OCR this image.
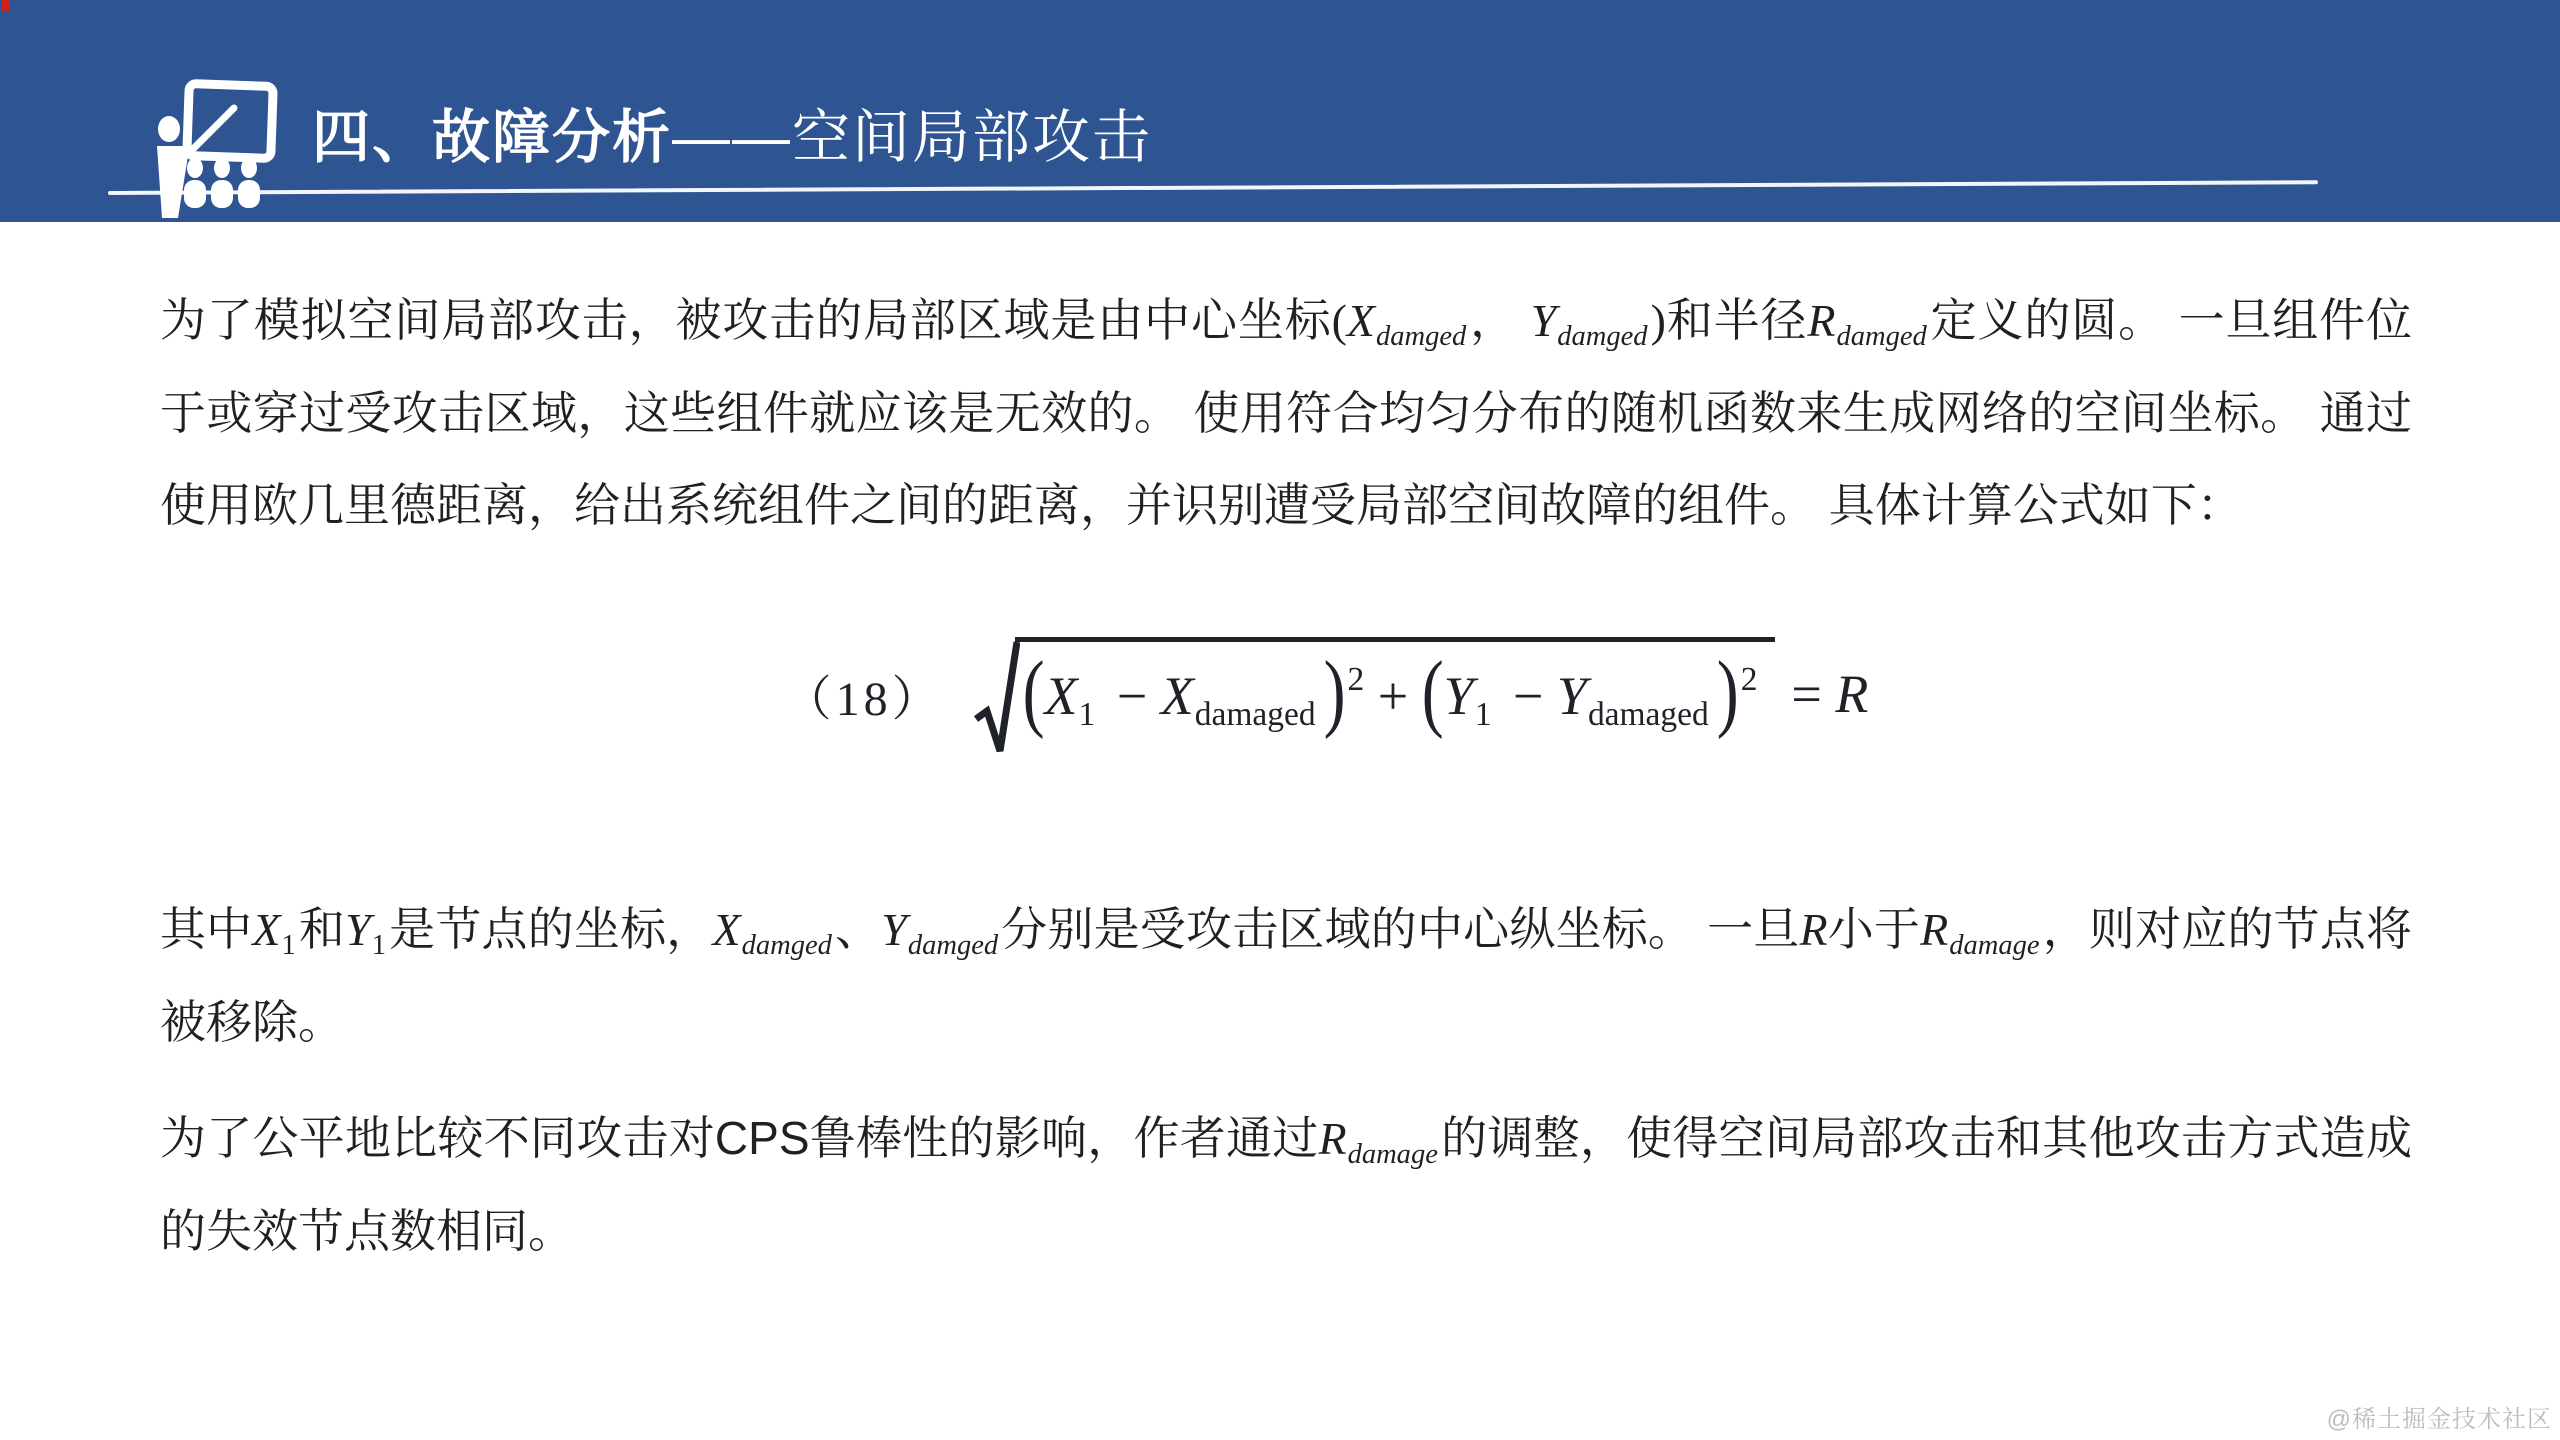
四、故障分析——空间局部攻击

为了模拟空间局部攻击，被攻击的局部区域是由中心坐标($X_{damged}$， $Y_{damged}$)和半径$R_{damged}$定义的圆。 一旦组件位于或穿过受攻击区域，这些组件就应该是无效的。 使用符合均匀分布的随机函数来生成网络的空间坐标。 通过使用欧几里德距离，给出系统组件之间的距离，并识别遭受局部空间故障的组件。 具体计算公式如下：

（18） ($X_1 - X_{damaged}$ )$^2 + (Y_1 - Y_{damaged}$ )$^2$ = R

其中$X_1$和$Y_1$是节点的坐标，$X_{damged}$、$Y_{damged}$分别是受攻击区域的中心纵坐标。 一旦R小于$R_{damage}$，则对应的节点将被移除。

为了公平地比较不同攻击对CPS鲁棒性的影响，作者通过$R_{damage}$的调整，使得空间局部攻击和其他攻击方式造成的失效节点数相同。

@稀土掘金技术社区
